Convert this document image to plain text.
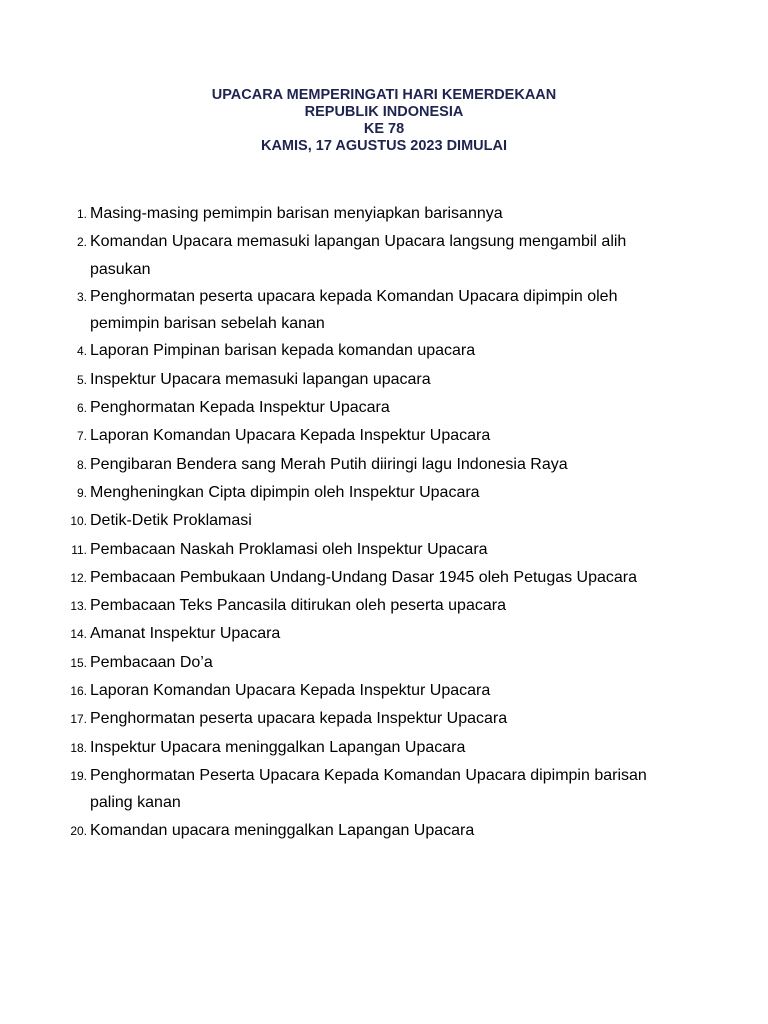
UPACARA MEMPERINGATI HARI KEMERDEKAAN
REPUBLIK INDONESIA
KE 78
KAMIS, 17 AGUSTUS 2023 DIMULAI
1. Masing-masing pemimpin barisan menyiapkan barisannya
2. Komandan Upacara memasuki lapangan Upacara langsung mengambil alih pasukan
3. Penghormatan peserta upacara kepada Komandan Upacara dipimpin oleh pemimpin barisan sebelah kanan
4. Laporan Pimpinan barisan kepada komandan upacara
5. Inspektur Upacara memasuki lapangan upacara
6. Penghormatan Kepada Inspektur Upacara
7. Laporan Komandan Upacara Kepada Inspektur Upacara
8. Pengibaran Bendera sang Merah Putih diiringi lagu Indonesia Raya
9. Mengheningkan Cipta dipimpin oleh Inspektur Upacara
10. Detik-Detik Proklamasi
11. Pembacaan Naskah Proklamasi oleh Inspektur Upacara
12. Pembacaan Pembukaan Undang-Undang Dasar 1945 oleh Petugas Upacara
13. Pembacaan Teks Pancasila ditirukan oleh peserta upacara
14. Amanat Inspektur Upacara
15. Pembacaan Do’a
16. Laporan Komandan Upacara Kepada Inspektur Upacara
17. Penghormatan peserta upacara kepada Inspektur Upacara
18. Inspektur Upacara meninggalkan Lapangan Upacara
19. Penghormatan Peserta Upacara Kepada Komandan Upacara dipimpin barisan paling kanan
20. Komandan upacara meninggalkan Lapangan Upacara
